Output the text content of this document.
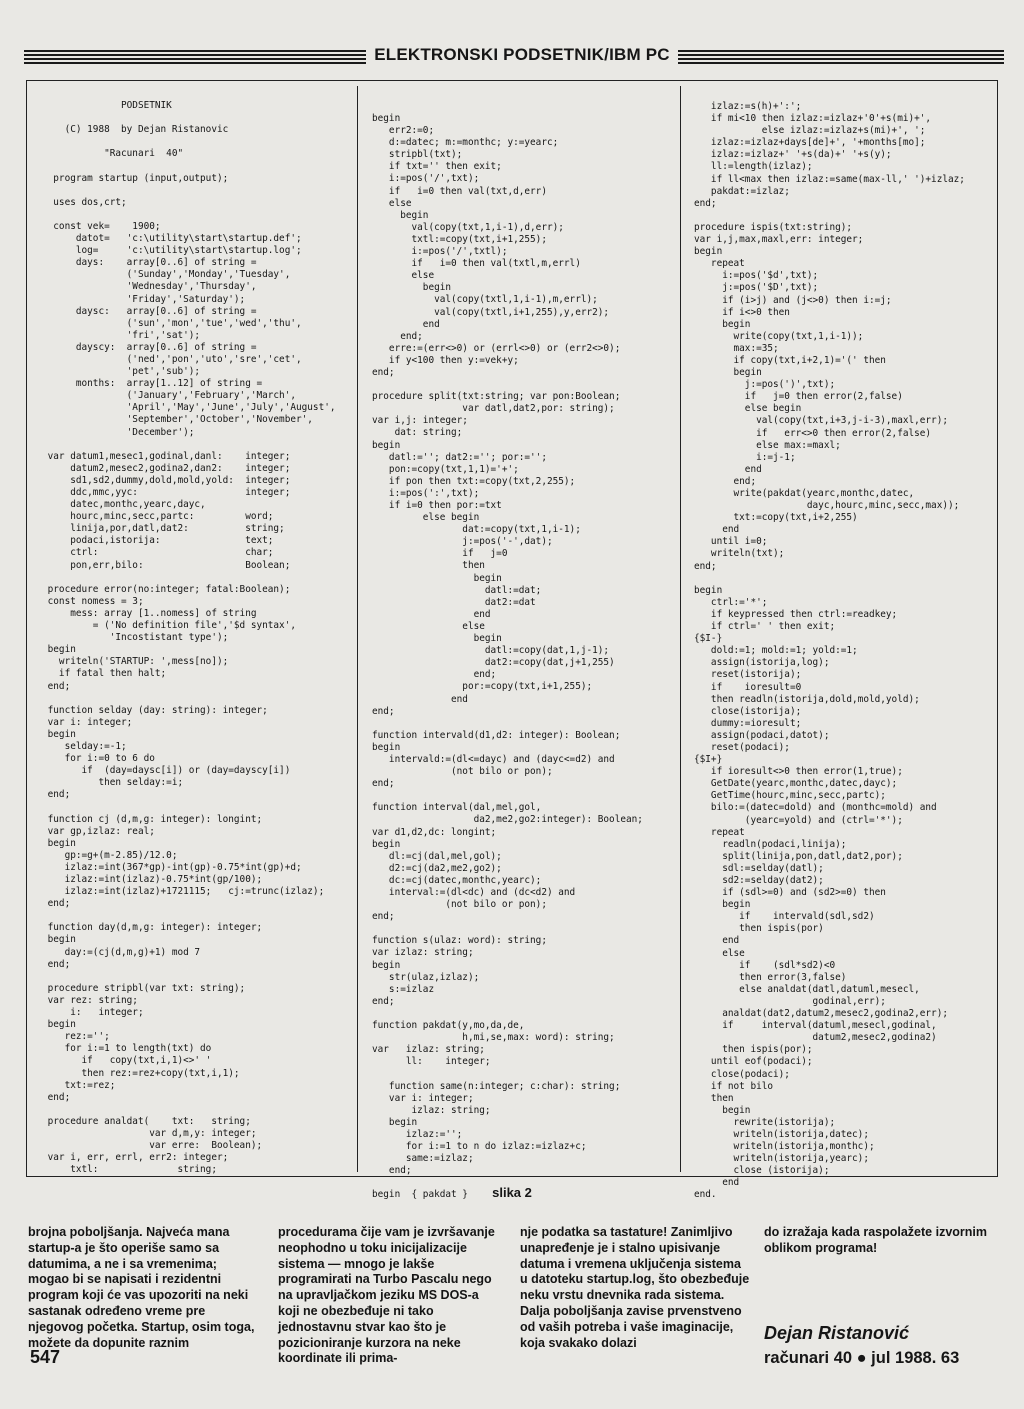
ELEKTRONSKI PODSETNIK/IBM PC
PODSETNIK

(C) 1988  by Dejan Ristanovic

"Racunari  40"

program startup (input,output);

uses dos,crt;

const vek=    1900;
datot=   'c:\utility\start\startup.def';
log=     'c:\utility\start\startup.log';
days:    array[0..6] of string =
('Sunday','Monday','Tuesday',
'Wednesday','Thursday',
'Friday','Saturday');
daysc:   array[0..6] of string =
('sun','mon','tue','wed','thu',
'fri','sat');
dayscy:  array[0..6] of string =
('ned','pon','uto','sre','cet',
'pet','sub');
months:  array[1..12] of string =
('January','February','March',
'April','May','June','July','August',
'September','October','November',
'December');

var datum1,mesec1,godinal,danl:    integer;
datum2,mesec2,godina2,dan2:    integer;
sd1,sd2,dummy,dold,mold,yold:  integer;
ddc,mmc,yyc:                   integer;
datec,monthc,yearc,dayc,
hourc,minc,secc,partc:         word;
linija,por,datl,dat2:          string;
podaci,istorija:               text;
ctrl:                          char;
pon,err,bilo:                  Boolean;

procedure error(no:integer; fatal:Boolean);
const nomess = 3;
mess: array [1..nomess] of string
= ('No definition file','$d syntax',
'Incostistant type');
begin
writeln('STARTUP: ',mess[no]);
if fatal then halt;
end;

function selday (day: string): integer;
var i: integer;
begin
selday:=-1;
for i:=0 to 6 do
if  (day=daysc[i]) or (day=dayscy[i])
then selday:=i;
end;

function cj (d,m,g: integer): longint;
var gp,izlaz: real;
begin
gp:=g+(m-2.85)/12.0;
izlaz:=int(367*gp)-int(gp)-0.75*int(gp)+d;
izlaz:=int(izlaz)-0.75*int(gp/100);
izlaz:=int(izlaz)+1721115;   cj:=trunc(izlaz);
end;

function day(d,m,g: integer): integer;
begin
day:=(cj(d,m,g)+1) mod 7
end;

procedure stripbl(var txt: string);
var rez: string;
i:   integer;
begin
rez:='';
for i:=1 to length(txt) do
if   copy(txt,i,1)<>' '
then rez:=rez+copy(txt,i,1);
txt:=rez;
end;

procedure analdat(    txt:   string;
var d,m,y: integer;
var erre:  Boolean);
var i, err, errl, err2: integer;
txtl:              string;
begin
err2:=0;
d:=datec; m:=monthc; y:=yearc;
stripbl(txt);
if txt='' then exit;
i:=pos('/',txt);
if   i=0 then val(txt,d,err)
else
begin
val(copy(txt,1,i-1),d,err);
txtl:=copy(txt,i+1,255);
i:=pos('/',txtl);
if   i=0 then val(txtl,m,errl)
else
begin
val(copy(txtl,1,i-1),m,errl);
val(copy(txtl,i+1,255),y,err2);
end
end;
erre:=(err<>0) or (errl<>0) or (err2<>0);
if y<100 then y:=vek+y;
end;

procedure split(txt:string; var pon:Boolean;
var datl,dat2,por: string);
var i,j: integer;
dat: string;
begin
datl:=''; dat2:=''; por:='';
pon:=copy(txt,1,1)='+';
if pon then txt:=copy(txt,2,255);
i:=pos(':',txt);
if i=0 then por:=txt
else begin
dat:=copy(txt,1,i-1);
j:=pos('-',dat);
if   j=0
then
begin
datl:=dat;
dat2:=dat
end
else
begin
datl:=copy(dat,1,j-1);
dat2:=copy(dat,j+1,255)
end;
por:=copy(txt,i+1,255);
end
end;

function intervald(d1,d2: integer): Boolean;
begin
intervald:=(dl<=dayc) and (dayc<=d2) and
(not bilo or pon);
end;

function interval(dal,mel,gol,
da2,me2,go2:integer): Boolean;
var d1,d2,dc: longint;
begin
dl:=cj(dal,mel,gol);
d2:=cj(da2,me2,go2);
dc:=cj(datec,monthc,yearc);
interval:=(dl<dc) and (dc<d2) and
(not bilo or pon);
end;

function s(ulaz: word): string;
var izlaz: string;
begin
str(ulaz,izlaz);
s:=izlaz
end;

function pakdat(y,mo,da,de,
h,mi,se,max: word): string;
var   izlaz: string;
ll:    integer;

function same(n:integer; c:char): string;
var i: integer;
izlaz: string;
begin
izlaz:='';
for i:=1 to n do izlaz:=izlaz+c;
same:=izlaz;
end;

begin  { pakdat }
izlaz:=s(h)+':';
if mi<10 then izlaz:=izlaz+'0'+s(mi)+',
else izlaz:=izlaz+s(mi)+', ';
izlaz:=izlaz+days[de]+', '+months[mo];
izlaz:=izlaz+' '+s(da)+' '+s(y);
ll:=length(izlaz);
if ll<max then izlaz:=same(max-ll,' ')+izlaz;
pakdat:=izlaz;
end;

procedure ispis(txt:string);
var i,j,max,maxl,err: integer;
begin
repeat
i:=pos('$d',txt);
j:=pos('$D',txt);
if (i>j) and (j<>0) then i:=j;
if i<>0 then
begin
write(copy(txt,1,i-1));
max:=35;
if copy(txt,i+2,1)='(' then
begin
j:=pos(')',txt);
if   j=0 then error(2,false)
else begin
val(copy(txt,i+3,j-i-3),maxl,err);
if   err<>0 then error(2,false)
else max:=maxl;
i:=j-1;
end
end;
write(pakdat(yearc,monthc,datec,
dayc,hourc,minc,secc,max));
txt:=copy(txt,i+2,255)
end
until i=0;
writeln(txt);
end;

begin
ctrl:='*';
if keypressed then ctrl:=readkey;
if ctrl=' ' then exit;
{$I-}
dold:=1; mold:=1; yold:=1;
assign(istorija,log);
reset(istorija);
if    ioresult=0
then readln(istorija,dold,mold,yold);
close(istorija);
dummy:=ioresult;
assign(podaci,datot);
reset(podaci);
{$I+}
if ioresult<>0 then error(1,true);
GetDate(yearc,monthc,datec,dayc);
GetTime(hourc,minc,secc,partc);
bilo:=(datec=dold) and (monthc=mold) and
(yearc=yold) and (ctrl='*');
repeat
readln(podaci,linija);
split(linija,pon,datl,dat2,por);
sdl:=selday(datl);
sd2:=selday(dat2);
if (sdl>=0) and (sd2>=0) then
begin
if    intervald(sdl,sd2)
then ispis(por)
end
else
if    (sdl*sd2)<0
then error(3,false)
else analdat(datl,datuml,mesecl,
godinal,err);
analdat(dat2,datum2,mesec2,godina2,err);
if     interval(datuml,mesecl,godinal,
datum2,mesec2,godina2)
then ispis(por);
until eof(podaci);
close(podaci);
if not bilo
then
begin
rewrite(istorija);
writeln(istorija,datec);
writeln(istorija,monthc);
writeln(istorija,yearc);
close (istorija);
end
end.
slika 2
brojna poboljšanja. Najveća mana startup-a je što operiše samo sa datumima, a ne i sa vremenima; mogao bi se napisati i rezidentni program koji će vas upozoriti na neki sastanak određeno vreme pre njegovog početka. Startup, osim toga, možete da dopunite raznim
procedurama čije vam je izvršavanje neophodno u toku inicijalizacije sistema — mnogo je lakše programirati na Turbo Pascalu nego na upravljačkom jeziku MS DOS-a koji ne obezbeđuje ni tako jednostavnu stvar kao što je pozicioniranje kurzora na neke koordinate ili prima-
nje podatka sa tastature! Zanimljivo unapređenje je i stalno upisivanje datuma i vremena uključenja sistema u datoteku startup.log, što obezbeđuje neku vrstu dnevnika rada sistema. Dalja poboljšanja zavise prvenstveno od vaših potreba i vaše imaginacije, koja svakako dolazi
do izražaja kada raspolažete izvornim oblikom programa!
547
Dejan Ristanović
računari 40 ● jul 1988. 63
